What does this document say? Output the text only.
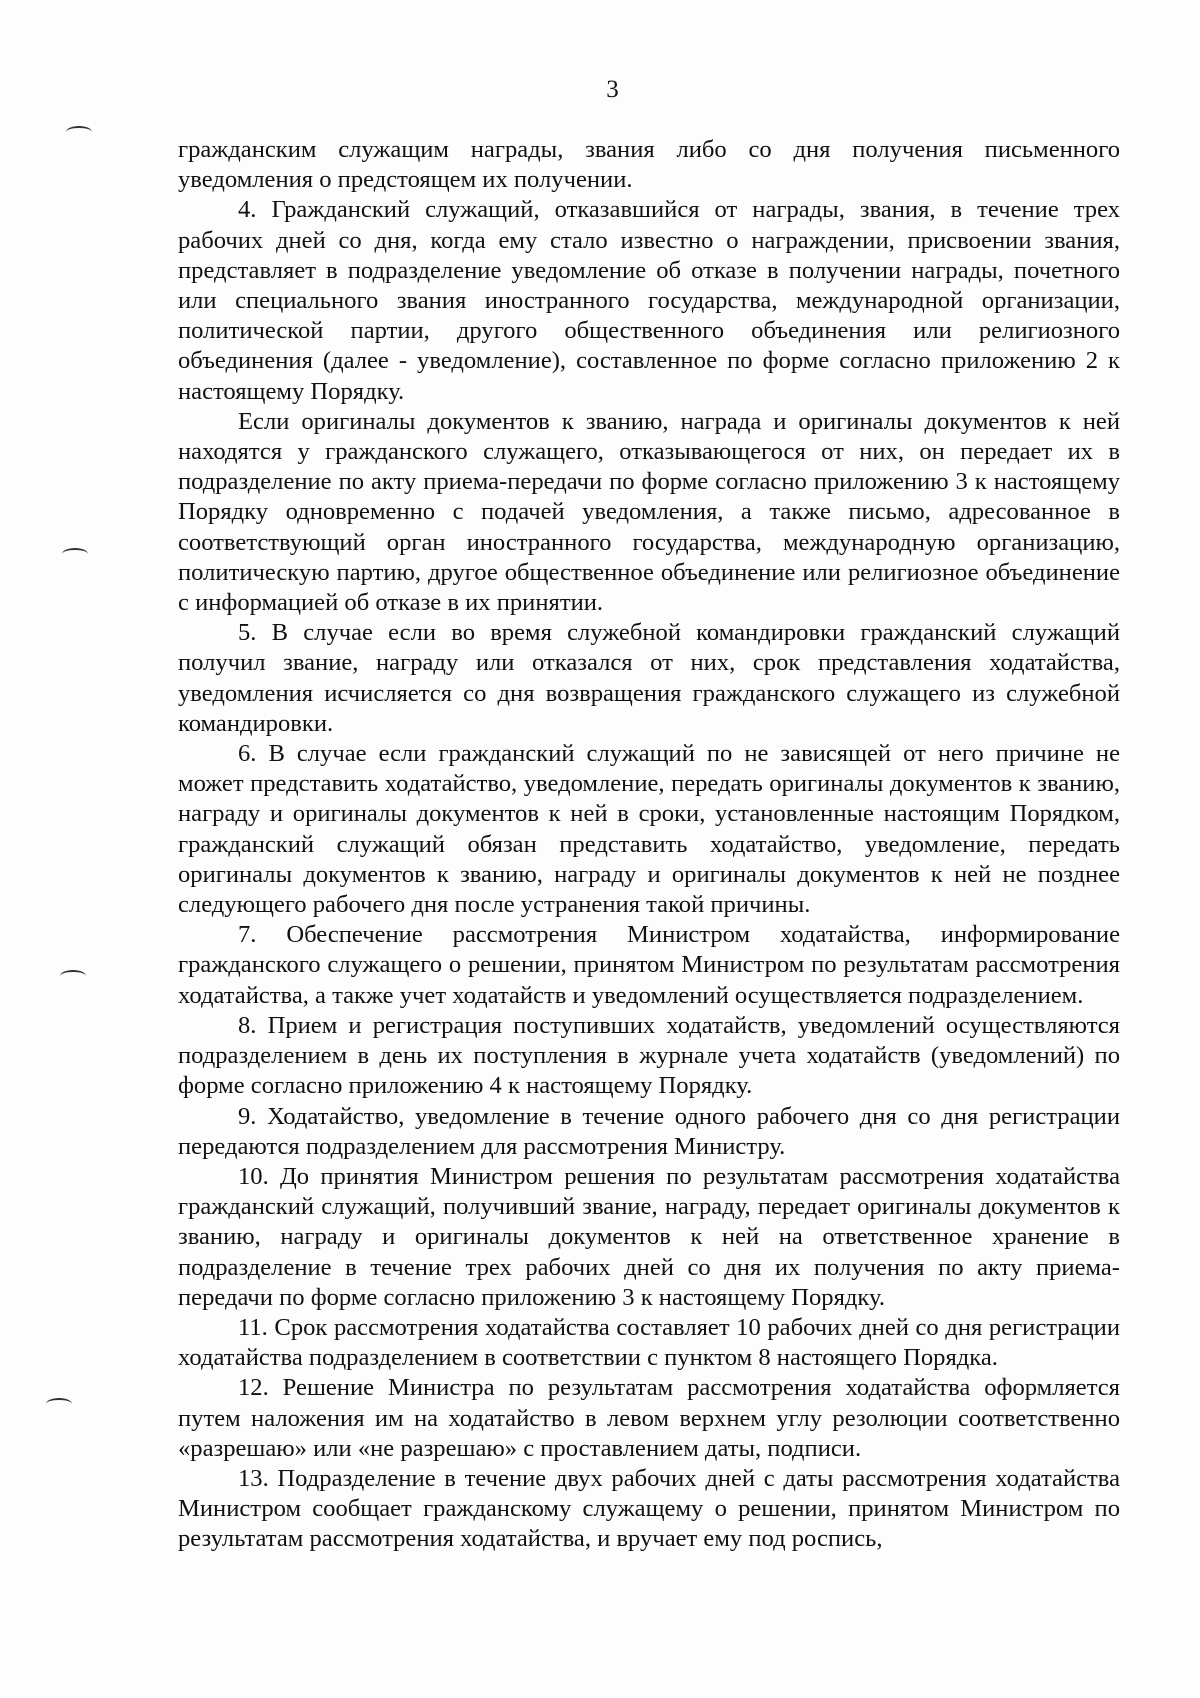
3

гражданским служащим награды, звания либо со дня получения письменного уведомления о предстоящем их получении.

4. Гражданский служащий, отказавшийся от награды, звания, в течение трех рабочих дней со дня, когда ему стало известно о награждении, присвоении звания, представляет в подразделение уведомление об отказе в получении награды, почетного или специального звания иностранного государства, международной организации, политической партии, другого общественного объединения или религиозного объединения (далее - уведомление), составленное по форме согласно приложению 2 к настоящему Порядку.

Если оригиналы документов к званию, награда и оригиналы документов к ней находятся у гражданского служащего, отказывающегося от них, он передает их в подразделение по акту приема-передачи по форме согласно приложению 3 к настоящему Порядку одновременно с подачей уведомления, а также письмо, адресованное в соответствующий орган иностранного государства, международную организацию, политическую партию, другое общественное объединение или религиозное объединение с информацией об отказе в их принятии.

5. В случае если во время служебной командировки гражданский служащий получил звание, награду или отказался от них, срок представления ходатайства, уведомления исчисляется со дня возвращения гражданского служащего из служебной командировки.

6. В случае если гражданский служащий по не зависящей от него причине не может представить ходатайство, уведомление, передать оригиналы документов к званию, награду и оригиналы документов к ней в сроки, установленные настоящим Порядком, гражданский служащий обязан представить ходатайство, уведомление, передать оригиналы документов к званию, награду и оригиналы документов к ней не позднее следующего рабочего дня после устранения такой причины.

7. Обеспечение рассмотрения Министром ходатайства, информирование гражданского служащего о решении, принятом Министром по результатам рассмотрения ходатайства, а также учет ходатайств и уведомлений осуществляется подразделением.

8. Прием и регистрация поступивших ходатайств, уведомлений осуществляются подразделением в день их поступления в журнале учета ходатайств (уведомлений) по форме согласно приложению 4 к настоящему Порядку.

9. Ходатайство, уведомление в течение одного рабочего дня со дня регистрации передаются подразделением для рассмотрения Министру.

10. До принятия Министром решения по результатам рассмотрения ходатайства гражданский служащий, получивший звание, награду, передает оригиналы документов к званию, награду и оригиналы документов к ней на ответственное хранение в подразделение в течение трех рабочих дней со дня их получения по акту приема-передачи по форме согласно приложению 3 к настоящему Порядку.

11. Срок рассмотрения ходатайства составляет 10 рабочих дней со дня регистрации ходатайства подразделением в соответствии с пунктом 8 настоящего Порядка.

12. Решение Министра по результатам рассмотрения ходатайства оформляется путем наложения им на ходатайство в левом верхнем углу резолюции соответственно «разрешаю» или «не разрешаю» с проставлением даты, подписи.

13. Подразделение в течение двух рабочих дней с даты рассмотрения ходатайства Министром сообщает гражданскому служащему о решении, принятом Министром по результатам рассмотрения ходатайства, и вручает ему под роспись,
